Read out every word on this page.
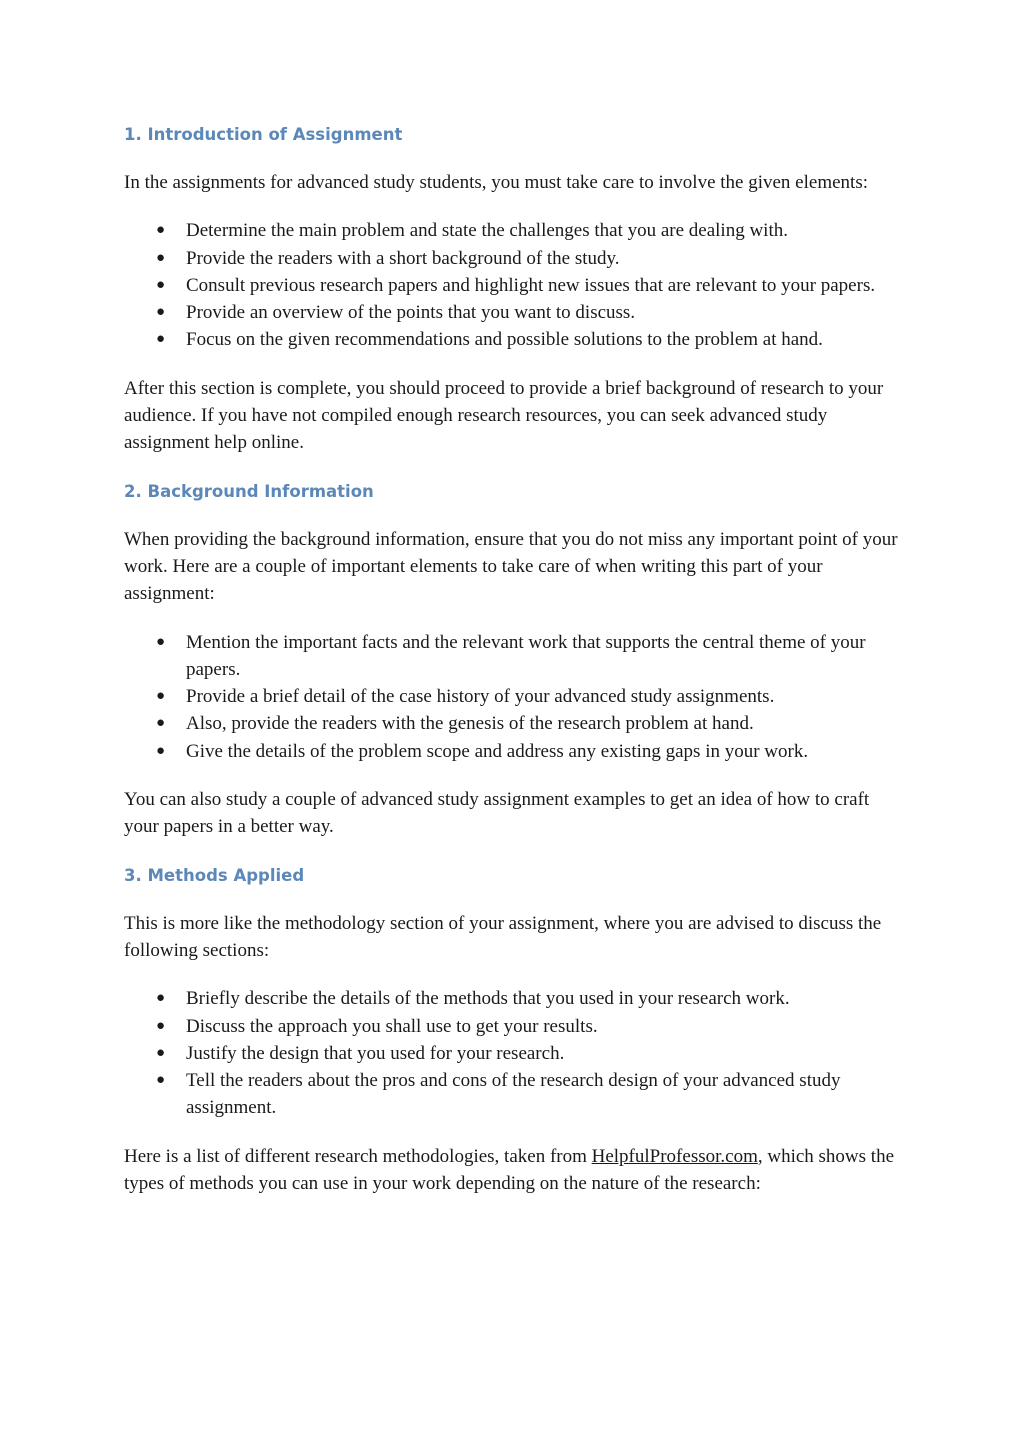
1. Introduction of Assignment

In the assignments for advanced study students, you must take care to involve the given elements:

● Determine the main problem and state the challenges that you are dealing with.
● Provide the readers with a short background of the study.
● Consult previous research papers and highlight new issues that are relevant to your papers.
● Provide an overview of the points that you want to discuss.
● Focus on the given recommendations and possible solutions to the problem at hand.

After this section is complete, you should proceed to provide a brief background of research to your audience. If you have not compiled enough research resources, you can seek advanced study assignment help online.

2. Background Information

When providing the background information, ensure that you do not miss any important point of your work. Here are a couple of important elements to take care of when writing this part of your assignment:

● Mention the important facts and the relevant work that supports the central theme of your papers.
● Provide a brief detail of the case history of your advanced study assignments.
● Also, provide the readers with the genesis of the research problem at hand.
● Give the details of the problem scope and address any existing gaps in your work.

You can also study a couple of advanced study assignment examples to get an idea of how to craft your papers in a better way.

3. Methods Applied

This is more like the methodology section of your assignment, where you are advised to discuss the following sections:

● Briefly describe the details of the methods that you used in your research work.
● Discuss the approach you shall use to get your results.
● Justify the design that you used for your research.
● Tell the readers about the pros and cons of the research design of your advanced study assignment.

Here is a list of different research methodologies, taken from HelpfulProfessor.com, which shows the types of methods you can use in your work depending on the nature of the research:
